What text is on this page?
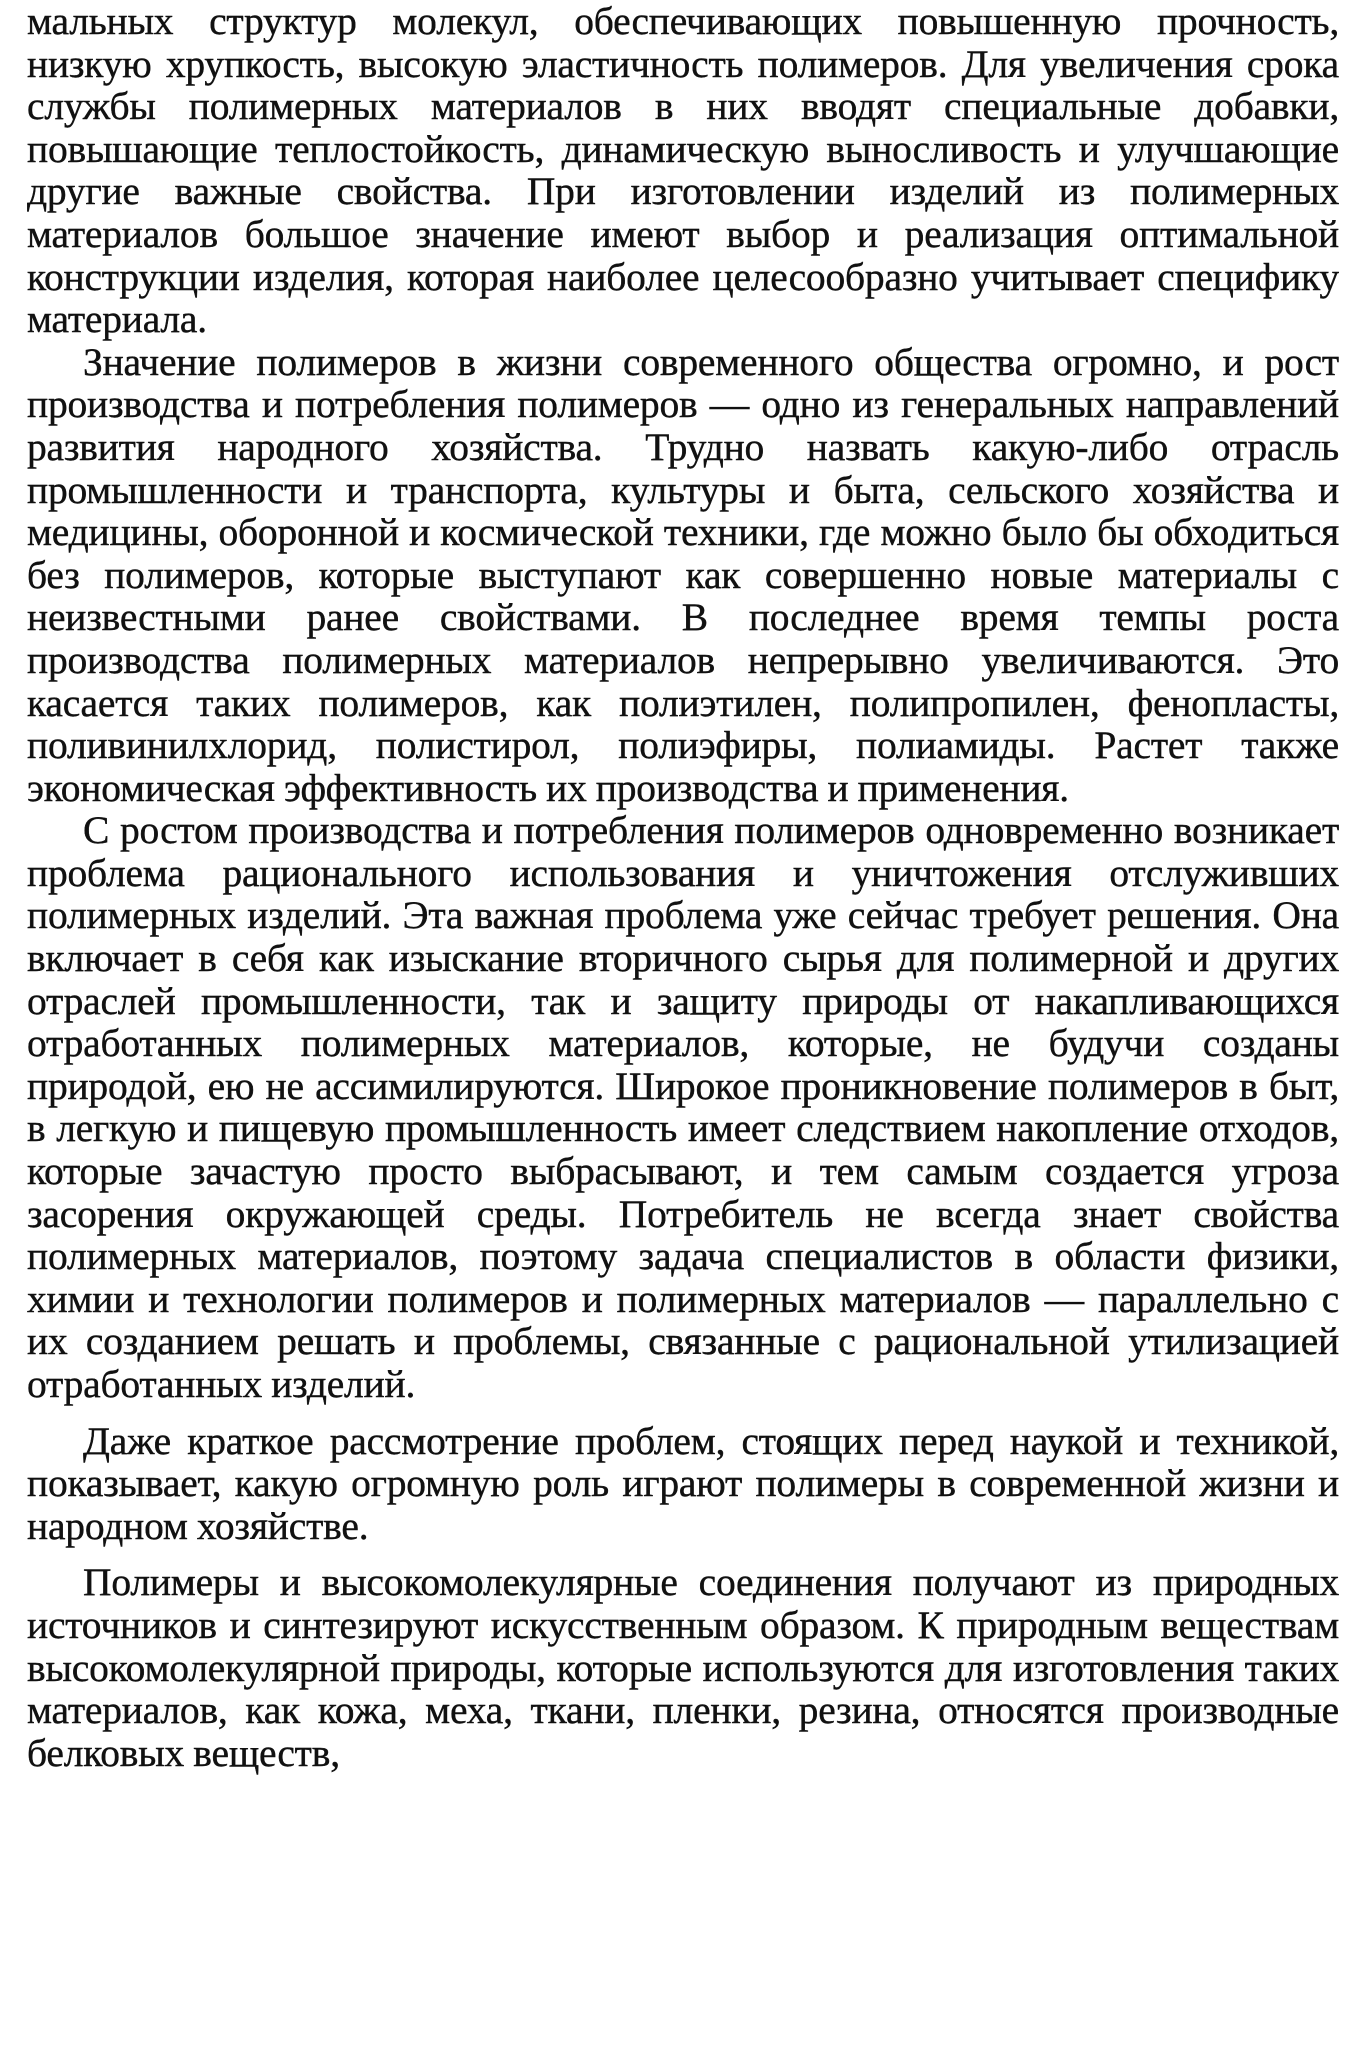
мальных структур молекул, обеспечивающих повышенную прочность, низкую хрупкость, высокую эластичность полимеров. Для увеличения срока службы полимерных материалов в них вводят специальные добавки, повышающие теплостойкость, динамическую выносливость и улучшающие другие важные свойства. При изготовлении изделий из полимерных материалов большое значение имеют выбор и реализация оптимальной конструкции изделия, которая наиболее целесообразно учитывает специфику материала.

Значение полимеров в жизни современного общества огромно, и рост производства и потребления полимеров — одно из генеральных направлений развития народного хозяйства. Трудно назвать какую-либо отрасль промышленности и транспорта, культуры и быта, сельского хозяйства и медицины, оборонной и космической техники, где можно было бы обходиться без полимеров, которые выступают как совершенно новые материалы с неизвестными ранее свойствами. В последнее время темпы роста производства полимерных материалов непрерывно увеличиваются. Это касается таких полимеров, как полиэтилен, полипропилен, фенопласты, поливинилхлорид, полистирол, полиэфиры, полиамиды. Растет также экономическая эффективность их производства и применения.

С ростом производства и потребления полимеров одновременно возникает проблема рационального использования и уничтожения отслуживших полимерных изделий. Эта важная проблема уже сейчас требует решения. Она включает в себя как изыскание вторичного сырья для полимерной и других отраслей промышленности, так и защиту природы от накапливающихся отработанных полимерных материалов, которые, не будучи созданы природой, ею не ассимилируются. Широкое проникновение полимеров в быт, в легкую и пищевую промышленность имеет следствием накопление отходов, которые зачастую просто выбрасывают, и тем самым создается угроза засорения окружающей среды. Потребитель не всегда знает свойства полимерных материалов, поэтому задача специалистов в области физики, химии и технологии полимеров и полимерных материалов — параллельно с их созданием решать и проблемы, связанные с рациональной утилизацией отработанных изделий.

Даже краткое рассмотрение проблем, стоящих перед наукой и техникой, показывает, какую огромную роль играют полимеры в современной жизни и народном хозяйстве.

Полимеры и высокомолекулярные соединения получают из природных источников и синтезируют искусственным образом. К природным веществам высокомолекулярной природы, которые используются для изготовления таких материалов, как кожа, меха, ткани, пленки, резина, относятся производные белковых веществ,
